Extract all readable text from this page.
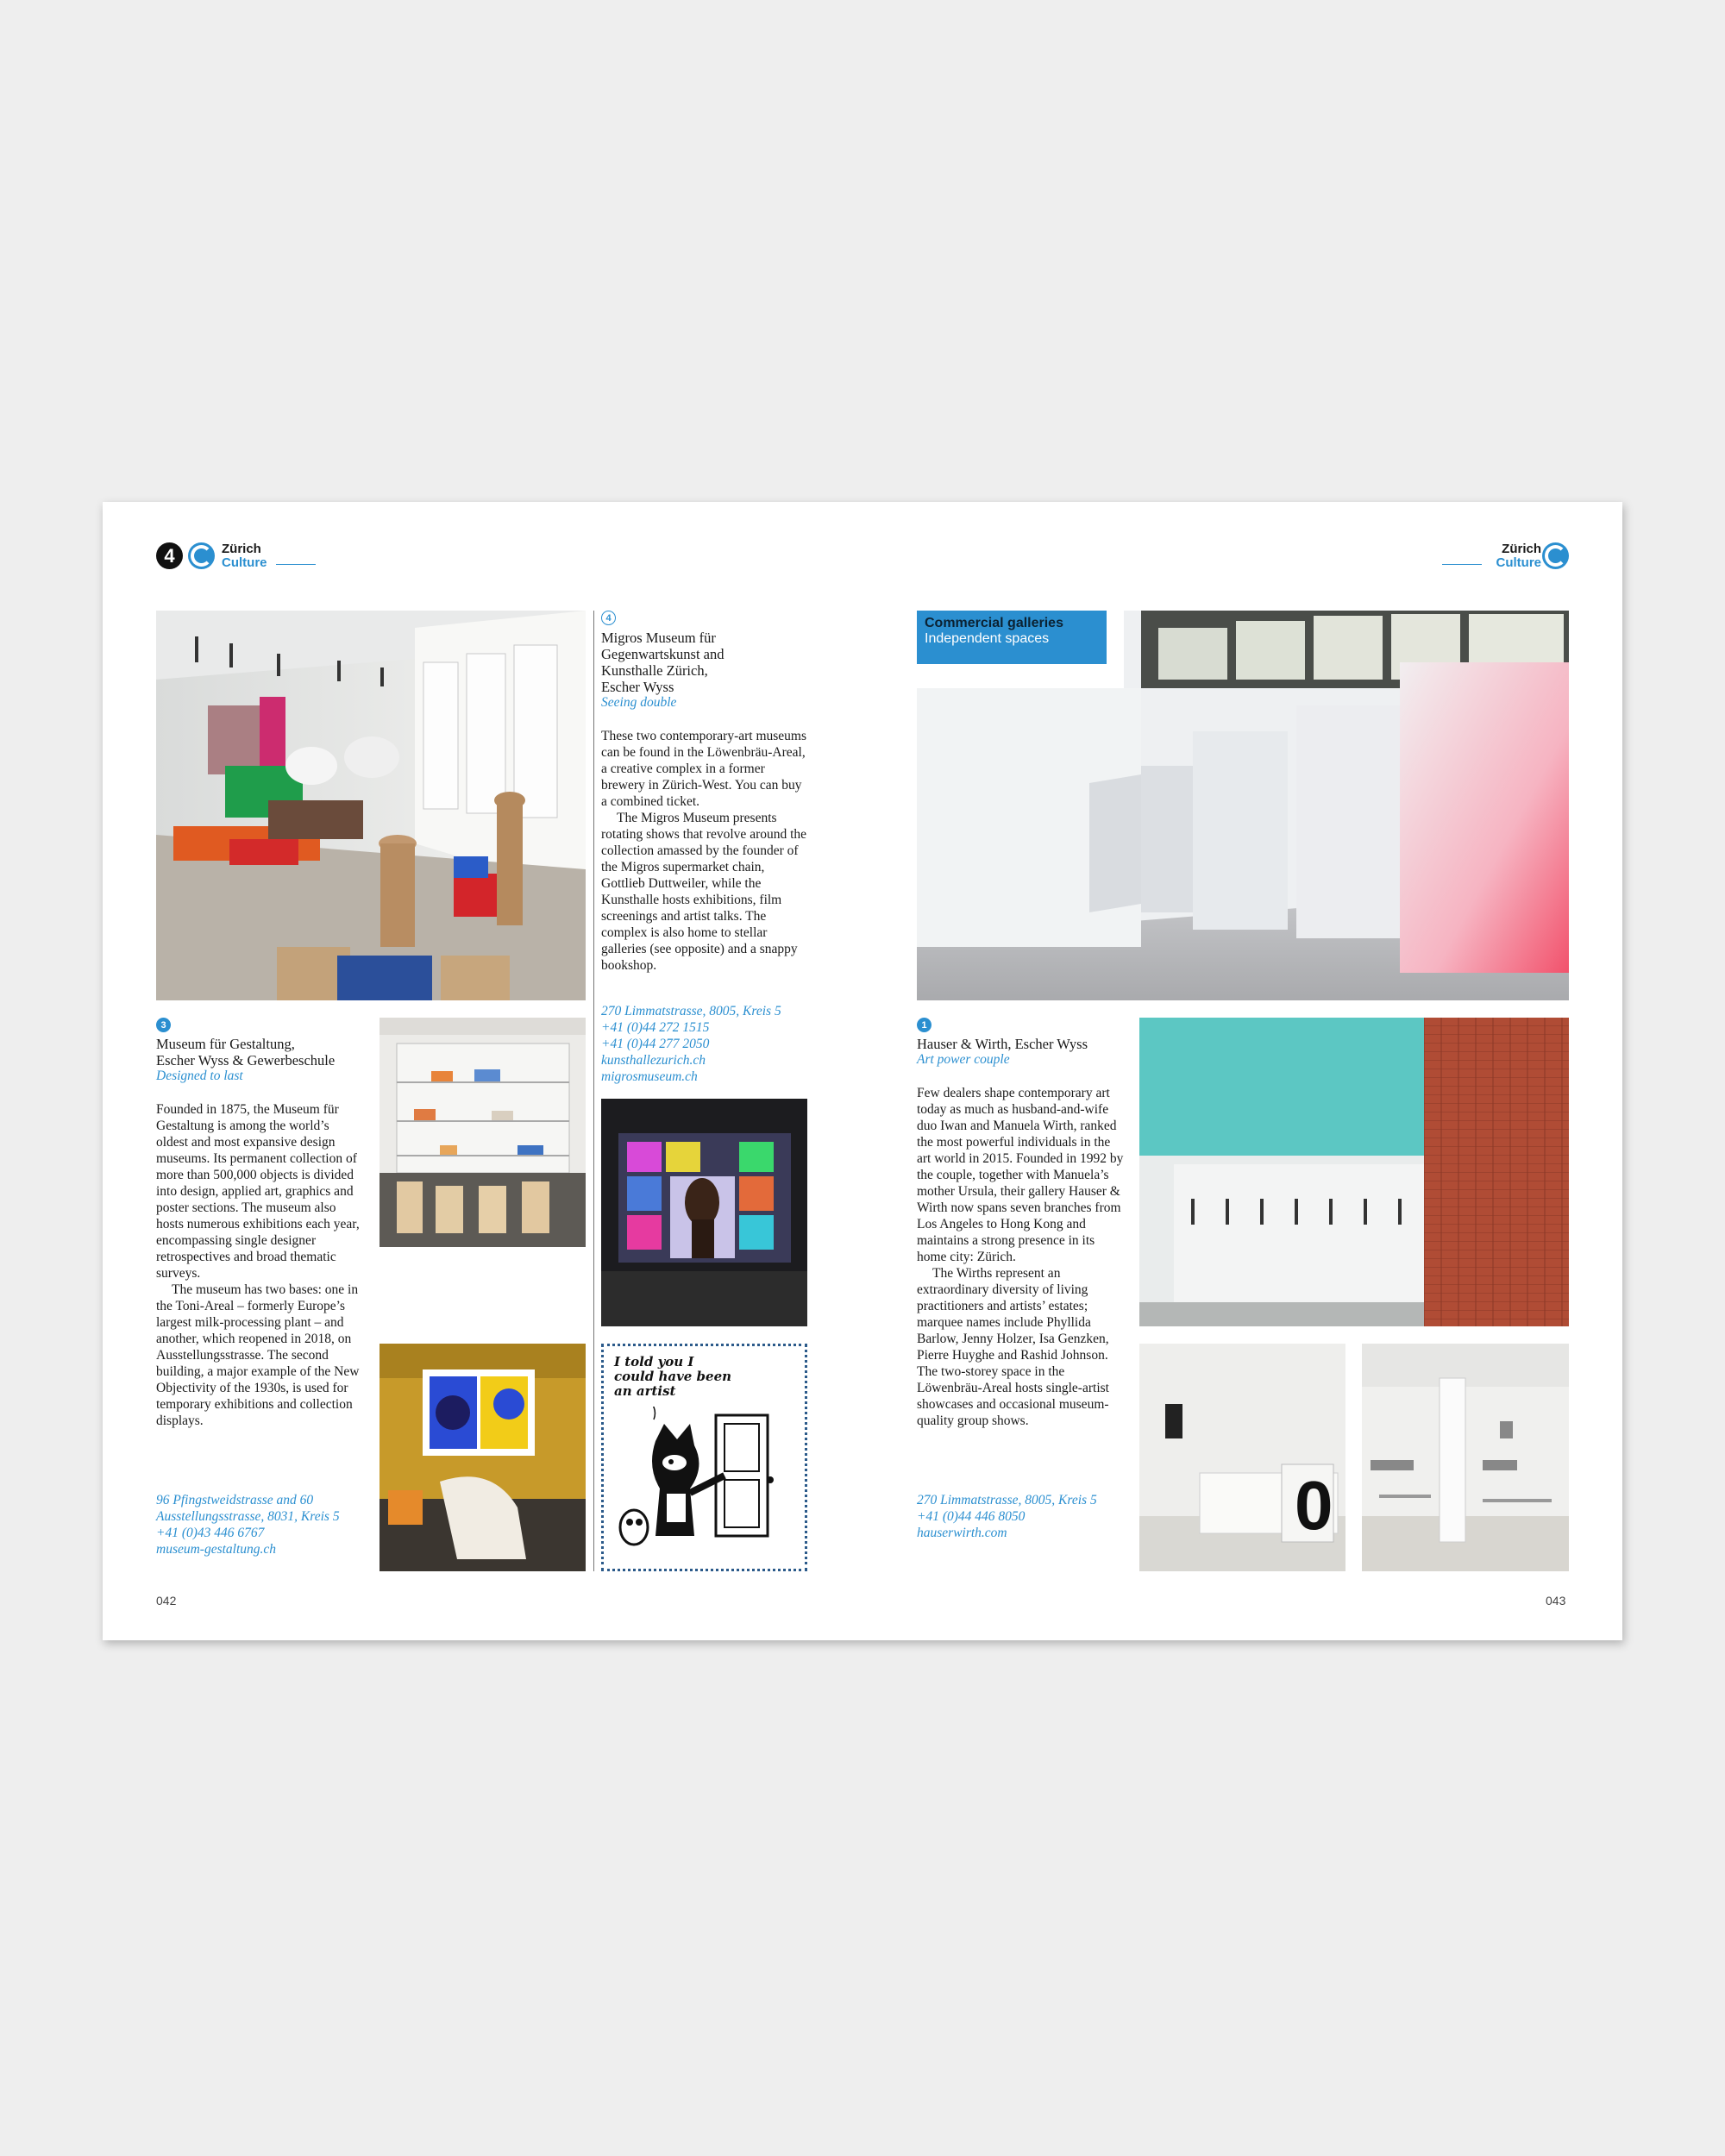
4	Zürich
Culture
Zürich
Culture
3
Museum für Gestaltung,
Escher Wyss & Gewerbeschule
Designed to last

Founded in 1875, the Museum für Gestaltung is among the world’s oldest and most expansive design museums. Its permanent collection of more than 500,000 objects is divided into design, applied art, graphics and poster sections. The museum also hosts numerous exhibitions each year, encompassing single designer retrospectives and broad thematic surveys.

The museum has two bases: one in the Toni-Areal – formerly Europe’s largest milk-processing plant – and another, which reopened in 2018, on Ausstellungsstrasse. The second building, a major example of the New Objectivity of the 1930s, is used for temporary exhibitions and collection displays.

96 Pfingstweidstrasse and 60
Ausstellungsstrasse, 8031, Kreis 5
+41 (0)43 446 6767
museum-gestaltung.ch
4
Migros Museum für
Gegenwartskunst and
Kunsthalle Zürich,
Escher Wyss
Seeing double

These two contemporary-art museums can be found in the Löwenbräu-Areal, a creative complex in a former brewery in Zürich-West. You can buy a combined ticket.

The Migros Museum presents rotating shows that revolve around the collection amassed by the founder of the Migros supermarket chain, Gottlieb Duttweiler, while the Kunsthalle hosts exhibitions, film screenings and artist talks. The complex is also home to stellar galleries (see opposite) and a snappy bookshop.

270 Limmatstrasse, 8005, Kreis 5
+41 (0)44 272 1515
+41 (0)44 277 2050
kunsthallezurich.ch
migrosmuseum.ch
I told you I could have been an artist
042
Commercial galleries
Independent spaces
1
Hauser & Wirth, Escher Wyss
Art power couple

Few dealers shape contemporary art today as much as husband-and-wife duo Iwan and Manuela Wirth, ranked the most powerful individuals in the art world in 2015. Founded in 1992 by the couple, together with Manuela’s mother Ursula, their gallery Hauser & Wirth now spans seven branches from Los Angeles to Hong Kong and maintains a strong presence in its home city: Zürich.

The Wirths represent an extraordinary diversity of living practitioners and artists’ estates; marquee names include Phyllida Barlow, Jenny Holzer, Isa Genzken, Pierre Huyghe and Rashid Johnson. The two-storey space in the Löwenbräu-Areal hosts single-artist showcases and occasional museum-quality group shows.

270 Limmatstrasse, 8005, Kreis 5
+41 (0)44 446 8050
hauserwirth.com	0
043
